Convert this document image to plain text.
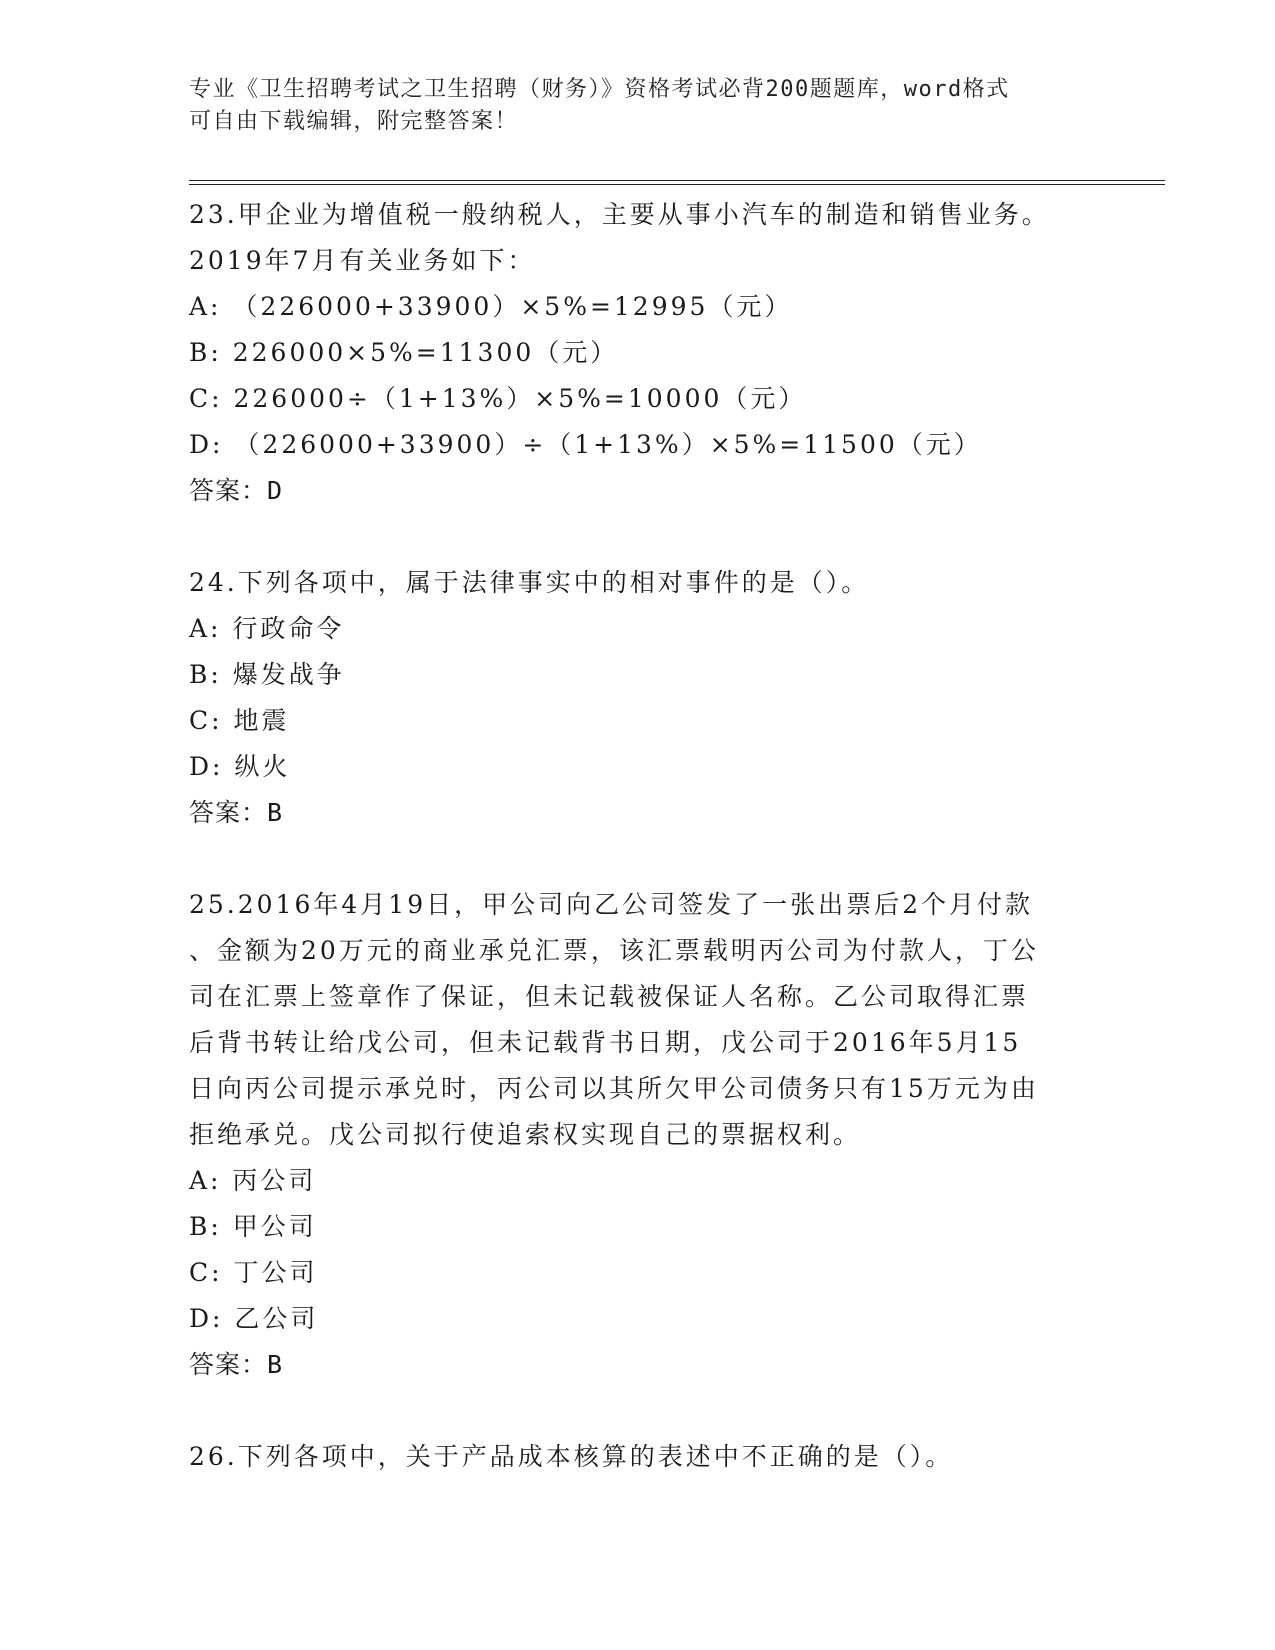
专业《卫生招聘考试之卫生招聘（财务）》资格考试必背200题题库，word格式
可自由下载编辑，附完整答案！
23.甲企业为增值税一般纳税人，主要从事小汽车的制造和销售业务。
2019年7月有关业务如下：
A: （226000+33900）×5%=12995（元）
B: 226000×5%=11300（元）
C: 226000÷（1+13%）×5%=10000（元）
D: （226000+33900）÷（1+13%）×5%=11500（元）
答案：D
24.下列各项中，属于法律事实中的相对事件的是（）。
A: 行政命令
B: 爆发战争
C: 地震
D: 纵火
答案：B
25.2016年4月19日，甲公司向乙公司签发了一张出票后2个月付款
、金额为20万元的商业承兑汇票，该汇票载明丙公司为付款人，丁公
司在汇票上签章作了保证，但未记载被保证人名称。乙公司取得汇票
后背书转让给戊公司，但未记载背书日期，戊公司于2016年5月15
日向丙公司提示承兑时，丙公司以其所欠甲公司债务只有15万元为由
拒绝承兑。戊公司拟行使追索权实现自己的票据权利。
A: 丙公司
B: 甲公司
C: 丁公司
D: 乙公司
答案：B
26.下列各项中，关于产品成本核算的表述中不正确的是（）。
